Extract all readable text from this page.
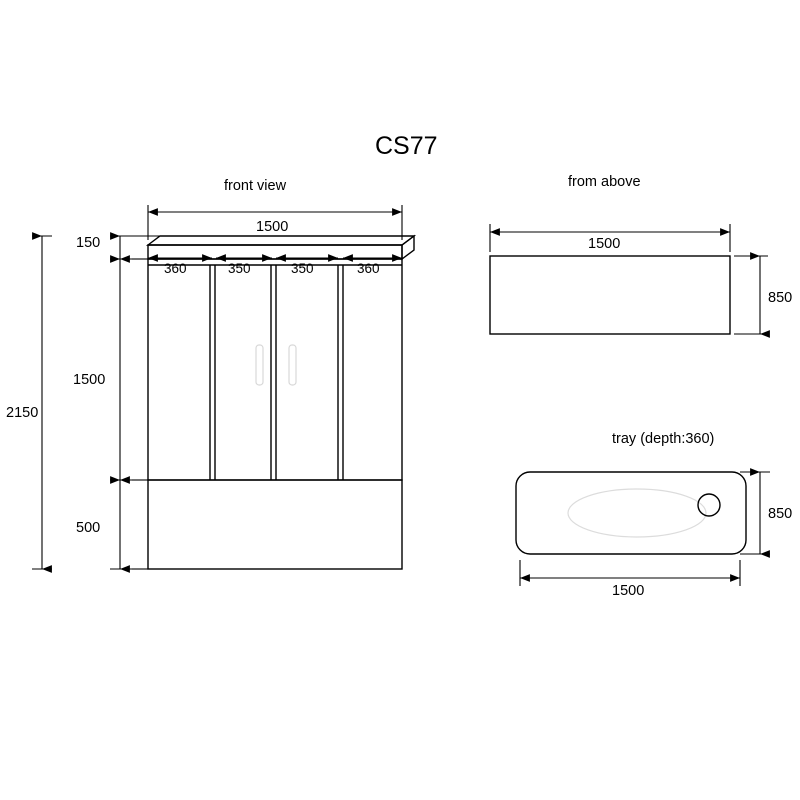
CS77
front view	from above
tray (depth:360)
1500
2150
150
1500
500
360	350	350	360
1500
850
850
1500
